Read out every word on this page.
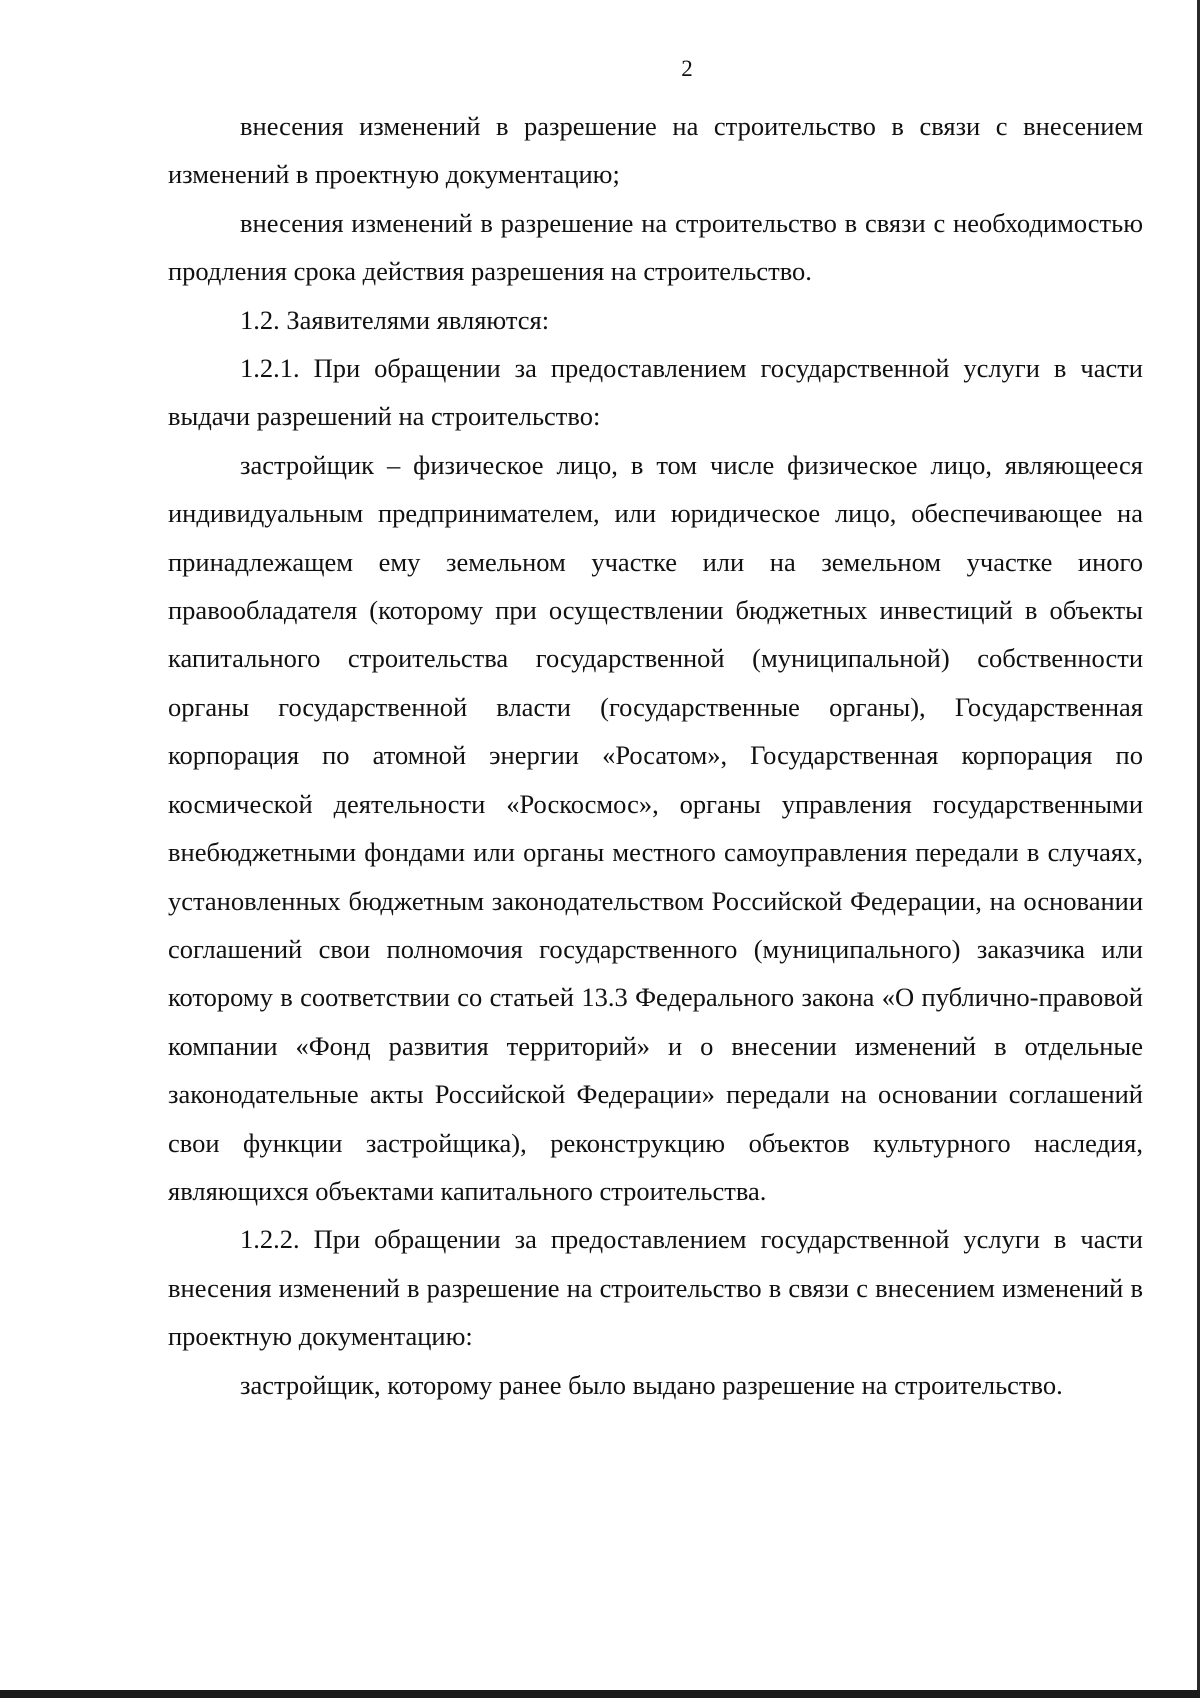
2

внесения изменений в разрешение на строительство в связи с внесением изменений в проектную документацию;

внесения изменений в разрешение на строительство в связи с необходимостью продления срока действия разрешения на строительство.

1.2. Заявителями являются:

1.2.1. При обращении за предоставлением государственной услуги в части выдачи разрешений на строительство:

застройщик – физическое лицо, в том числе физическое лицо, являющееся индивидуальным предпринимателем, или юридическое лицо, обеспечивающее на принадлежащем ему земельном участке или на земельном участке иного правообладателя (которому при осуществлении бюджетных инвестиций в объекты капитального строительства государственной (муниципальной) собственности органы государственной власти (государственные органы), Государственная корпорация по атомной энергии «Росатом», Государственная корпорация по космической деятельности «Роскосмос», органы управления государственными внебюджетными фондами или органы местного самоуправления передали в случаях, установленных бюджетным законодательством Российской Федерации, на основании соглашений свои полномочия государственного (муниципального) заказчика или которому в соответствии со статьей 13.3 Федерального закона «О публично-правовой компании «Фонд развития территорий» и о внесении изменений в отдельные законодательные акты Российской Федерации» передали на основании соглашений свои функции застройщика), реконструкцию объектов культурного наследия, являющихся объектами капитального строительства.

1.2.2. При обращении за предоставлением государственной услуги в части внесения изменений в разрешение на строительство в связи с внесением изменений в проектную документацию:

застройщик, которому ранее было выдано разрешение на строительство.
